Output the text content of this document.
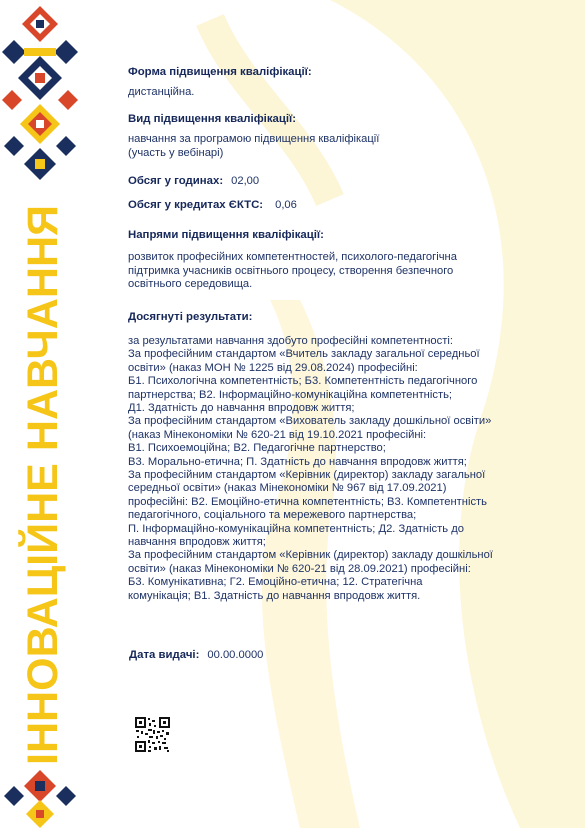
ІННОВАЦІЙНЕ НАВЧАННЯ
Форма підвищення кваліфікації:
дистанційна.
Вид підвищення кваліфікації:
навчання за програмою підвищення кваліфікації
(участь у вебінарі)
Обсяг у годинах: 02,00
Обсяг у кредитах ЄКТС: 0,06
Напрями підвищення кваліфікації:
розвиток професійних компетентностей, психолого-педагогічна
підтримка учасників освітнього процесу, створення безпечного
освітнього середовища.
Досягнуті результати:

за результатами навчання здобуто професійні компетентності:

За професійним стандартом «Вчитель закладу загальної середньої

освіти» (наказ МОН № 1225 від 29.08.2024) професійні:

Б1. Психологічна компетентність; Б3. Компетентність педагогічного

партнерства; В2. Інформаційно-комунікаційна компетентність;

Д1. Здатність до навчання впродовж життя;

За професійним стандартом «Вихователь закладу дошкільної освіти»

(наказ Мінекономіки № 620-21 від 19.10.2021 професійні:

В1. Психоемоційна; В2. Педагогічне партнерство;

В3. Морально-етична; П. Здатність до навчання впродовж життя;

За професійним стандартом «Керівник (директор) закладу загальної

середньої освіти» (наказ Мінекономіки № 967 від 17.09.2021)

професійні: В2. Емоційно-етична компетентність; В3. Компетентність

педагогічного, соціального та мережевого партнерства;

П. Інформаційно-комунікаційна компетентність; Д2. Здатність до

навчання впродовж життя;

За професійним стандартом «Керівник (директор) закладу дошкільної

освіти» (наказ Мінекономіки № 620-21 від 28.09.2021) професійні:

Б3. Комунікативна; Г2. Емоційно-етична; 12. Стратегічна

комунікація; В1. Здатність до навчання впродовж життя.

Дата видачі: 00.00.0000
